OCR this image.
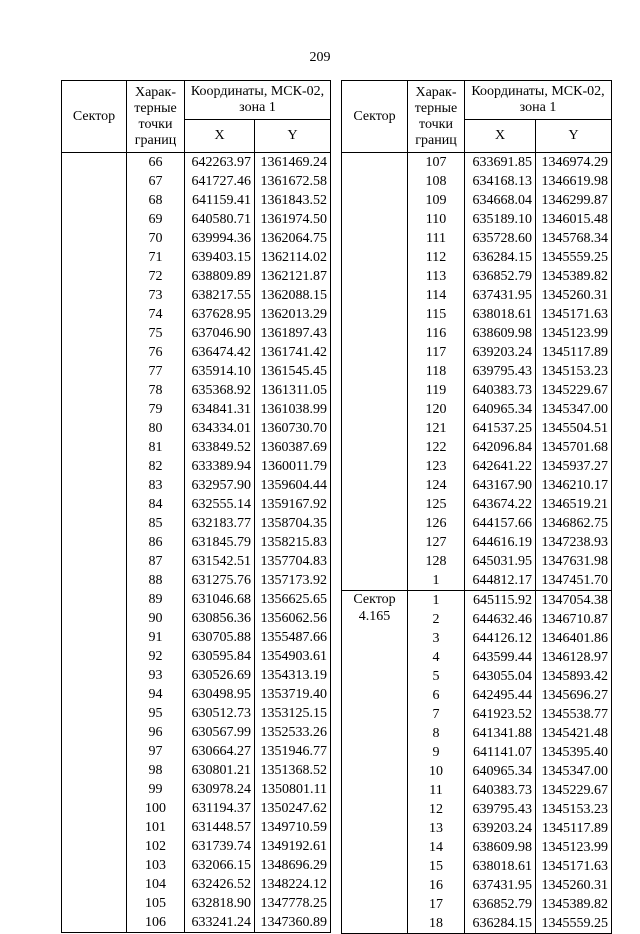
209
Сектор	Харак-терные точки границ	Координаты, МСК-02, зона 1	
		X	Y
	66	642263.97	1361469.24
	67	641727.46	1361672.58
	68	641159.41	1361843.52
	69	640580.71	1361974.50
	70	639994.36	1362064.75
	71	639403.15	1362114.02
	72	638809.89	1362121.87
	73	638217.55	1362088.15
	74	637628.95	1362013.29
	75	637046.90	1361897.43
	76	636474.42	1361741.42
	77	635914.10	1361545.45
	78	635368.92	1361311.05
	79	634841.31	1361038.99
	80	634334.01	1360730.70
	81	633849.52	1360387.69
	82	633389.94	1360011.79
	83	632957.90	1359604.44
	84	632555.14	1359167.92
	85	632183.77	1358704.35
	86	631845.79	1358215.83
	87	631542.51	1357704.83
	88	631275.76	1357173.92
	89	631046.68	1356625.65
	90	630856.36	1356062.56
	91	630705.88	1355487.66
	92	630595.84	1354903.61
	93	630526.69	1354313.19
	94	630498.95	1353719.40
	95	630512.73	1353125.15
	96	630567.99	1352533.26
	97	630664.27	1351946.77
	98	630801.21	1351368.52
	99	630978.24	1350801.11
	100	631194.37	1350247.62
	101	631448.57	1349710.59
	102	631739.74	1349192.61
	103	632066.15	1348696.29
	104	632426.52	1348224.12
	105	632818.90	1347778.25
	106	633241.24	1347360.89
Сектор	Харак-терные точки границ	Координаты, МСК-02, зона 1	
		X	Y
	107	633691.85	1346974.29
	108	634168.13	1346619.98
	109	634668.04	1346299.87
	110	635189.10	1346015.48
	111	635728.60	1345768.34
	112	636284.15	1345559.25
	113	636852.79	1345389.82
	114	637431.95	1345260.31
	115	638018.61	1345171.63
	116	638609.98	1345123.99
	117	639203.24	1345117.89
	118	639795.43	1345153.23
	119	640383.73	1345229.67
	120	640965.34	1345347.00
	121	641537.25	1345504.51
	122	642096.84	1345701.68
	123	642641.22	1345937.27
	124	643167.90	1346210.17
	125	643674.22	1346519.21
	126	644157.66	1346862.75
	127	644616.19	1347238.93
	128	645031.95	1347631.98
	1	644812.17	1347451.70
Сектор 4.165	1	645115.92	1347054.38
	2	644632.46	1346710.87
	3	644126.12	1346401.86
	4	643599.44	1346128.97
	5	643055.04	1345893.42
	6	642495.44	1345696.27
	7	641923.52	1345538.77
	8	641341.88	1345421.48
	9	641141.07	1345395.40
	10	640965.34	1345347.00
	11	640383.73	1345229.67
	12	639795.43	1345153.23
	13	639203.24	1345117.89
	14	638609.98	1345123.99
	15	638018.61	1345171.63
	16	637431.95	1345260.31
	17	636852.79	1345389.82
	18	636284.15	1345559.25
